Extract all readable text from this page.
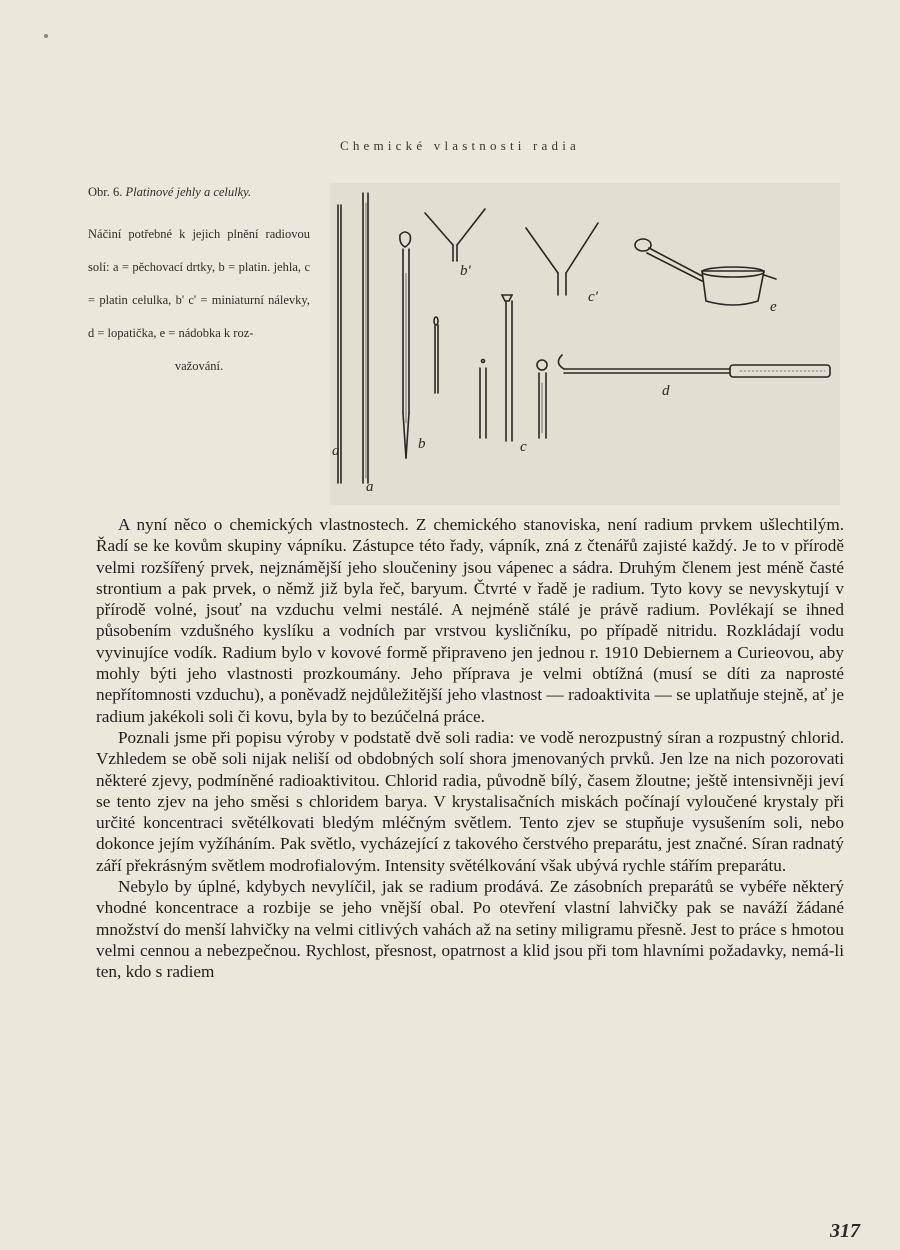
Chemické vlastnosti radia

Obr. 6. Platinové jehly a celulky.

Náčiní potřebné k jejich plnění radiovou solí: a = pěchovací drtky, b = platin. jehla, c = platin celulka, b' c' = miniaturní nálevky, d = lopatička, e = nádobka k roz-
važování.

a
a
b
b'
c
c'
d
e

A nyní něco o chemických vlastnostech. Z chemického stanoviska, není radium prvkem ušlechtilým. Řadí se ke kovům skupiny vápníku. Zástupce této řady, vápník, zná z čtenářů zajisté každý. Je to v přírodě velmi rozšířený prvek, nejznámější jeho sloučeniny jsou vápenec a sádra. Druhým členem jest méně časté strontium a pak prvek, o němž již byla řeč, baryum. Čtvrté v řadě je radium. Tyto kovy se nevyskytují v přírodě volné, jsouť na vzduchu velmi nestálé. A nejméně stálé je právě radium. Povlékají se ihned působením vzdušného kyslíku a vodních par vrstvou kysličníku, po případě nitridu. Rozkládají vodu vyvinujíce vodík. Radium bylo v kovové formě připraveno jen jednou r. 1910 Debiernem a Curieovou, aby mohly býti jeho vlastnosti prozkoumány. Jeho příprava je velmi obtížná (musí se díti za naprosté nepřítomnosti vzduchu), a poněvadž nejdůležitější jeho vlastnost — radoaktivita — se uplatňuje stejně, ať je radium jakékoli soli či kovu, byla by to bezúčelná práce.

Poznali jsme při popisu výroby v podstatě dvě soli radia: ve vodě nerozpustný síran a rozpustný chlorid. Vzhledem se obě soli nijak neliší od obdobných solí shora jmenovaných prvků. Jen lze na nich pozorovati některé zjevy, podmíněné radioaktivitou. Chlorid radia, původně bílý, časem žloutne; ještě intensivněji jeví se tento zjev na jeho směsi s chloridem barya. V krystalisačních miskách počínají vyloučené krystaly při určité koncentraci světélkovati bledým mléčným světlem. Tento zjev se stupňuje vysušením soli, nebo dokonce jejím vyžíháním. Pak světlo, vycházející z takového čerstvého preparátu, jest značné. Síran radnatý září překrásným světlem modrofialovým. Intensity světélkování však ubývá rychle stářím preparátu.

Nebylo by úplné, kdybych nevylíčil, jak se radium prodává. Ze zásobních preparátů se vybéře některý vhodné koncentrace a rozbije se jeho vnější obal. Po otevření vlastní lahvičky pak se naváží žádané množství do menší lahvičky na velmi citlivých vahách až na setiny miligramu přesně. Jest to práce s hmotou velmi cennou a nebezpečnou. Rychlost, přesnost, opatrnost a klid jsou při tom hlavními požadavky, nemá-li ten, kdo s radiem

317
